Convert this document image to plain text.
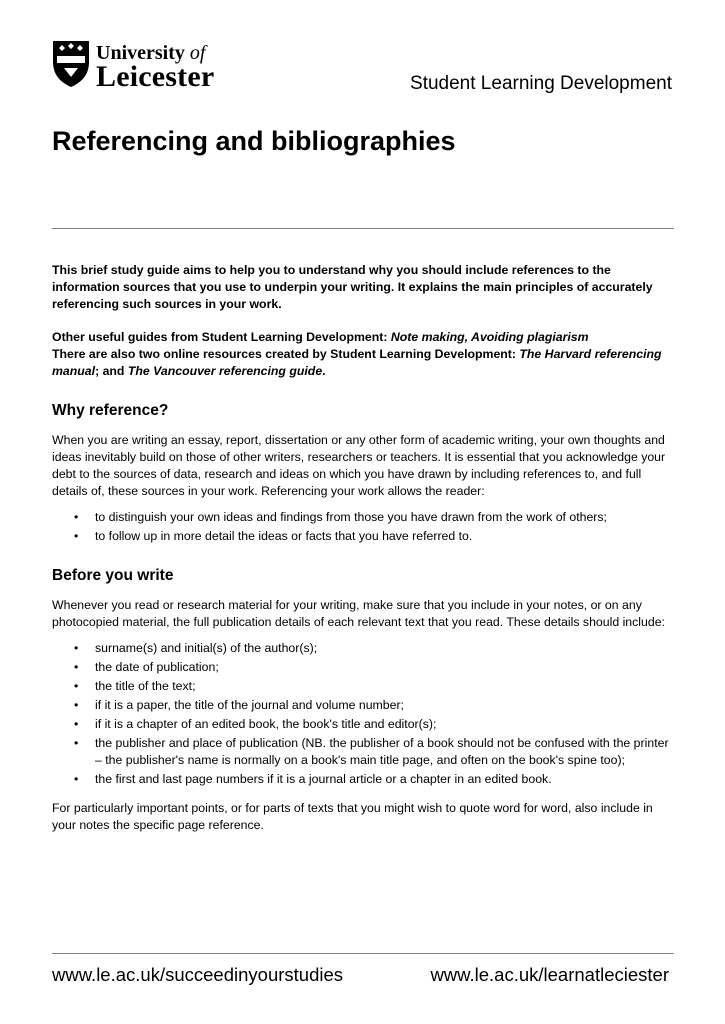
University of
Leicester	Student Learning Development
Referencing and bibliographies

This brief study guide aims to help you to understand why you should include references to the information sources that you use to underpin your writing. It explains the main principles of accurately referencing such sources in your work.

Other useful guides from Student Learning Development: Note making, Avoiding plagiarism

There are also two online resources created by Student Learning Development: The Harvard referencing manual; and The Vancouver referencing guide.

Why reference?

When you are writing an essay, report, dissertation or any other form of academic writing, your own thoughts and ideas inevitably build on those of other writers, researchers or teachers. It is essential that you acknowledge your debt to the sources of data, research and ideas on which you have drawn by including references to, and full details of, these sources in your work. Referencing your work allows the reader:

• to distinguish your own ideas and findings from those you have drawn from the work of others;
• to follow up in more detail the ideas or facts that you have referred to.
Before you write

Whenever you read or research material for your writing, make sure that you include in your notes, or on any photocopied material, the full publication details of each relevant text that you read. These details should include:

• surname(s) and initial(s) of the author(s);
• the date of publication;
• the title of the text;
• if it is a paper, the title of the journal and volume number;
• if it is a chapter of an edited book, the book's title and editor(s);
• the publisher and place of publication (NB. the publisher of a book should not be confused with the printer – the publisher's name is normally on a book's main title page, and often on the book's spine too);
• the first and last page numbers if it is a journal article or a chapter in an edited book.

For particularly important points, or for parts of texts that you might wish to quote word for word, also include in your notes the specific page reference.

www.le.ac.uk/succeedinyourstudies	www.le.ac.uk/learnatleciester
